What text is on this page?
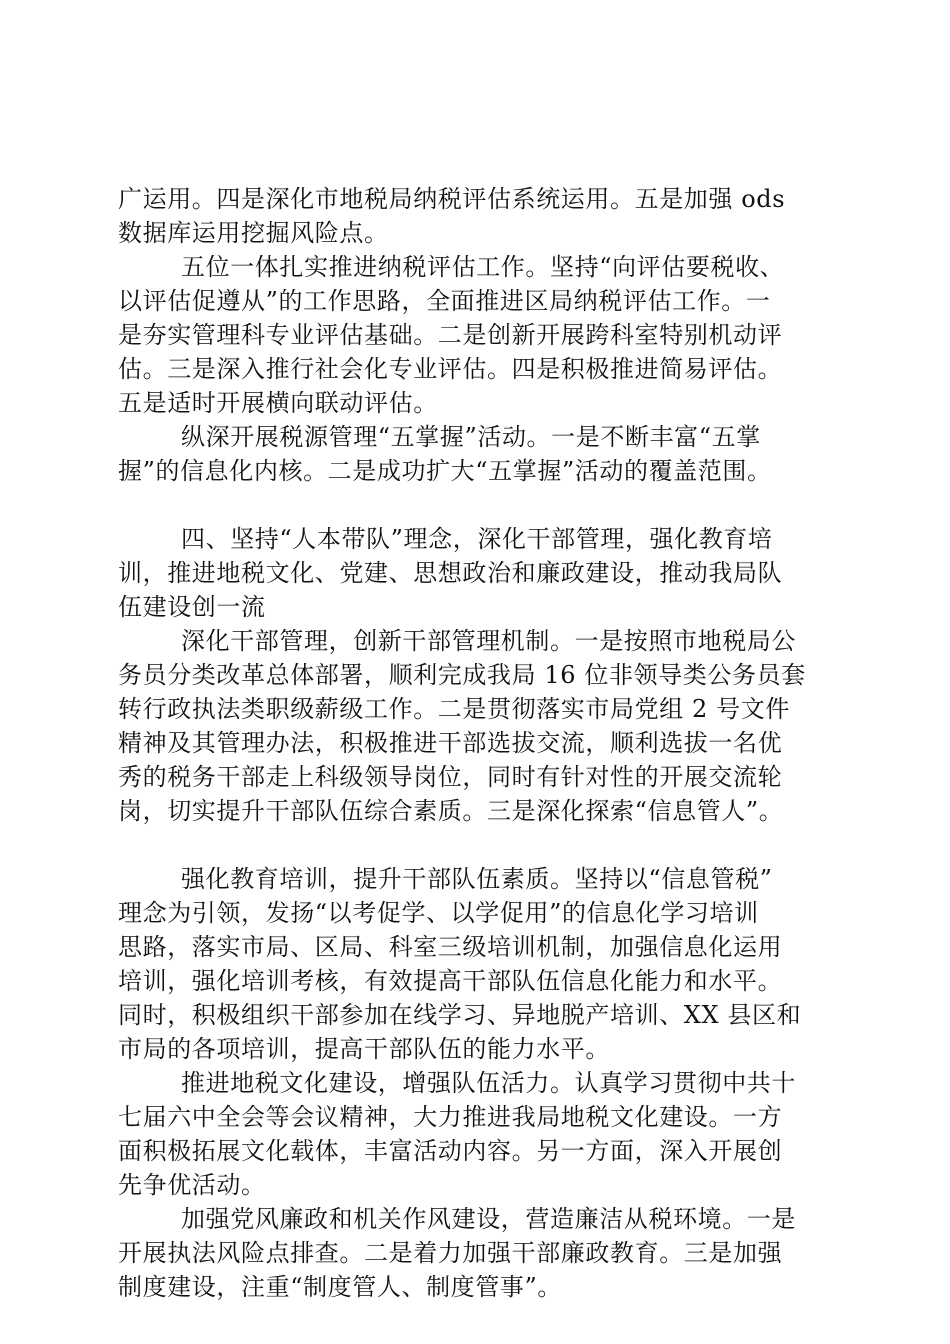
广运用。四是深化市地税局纳税评估系统运用。五是加强 ods
数据库运用挖掘风险点。
五位一体扎实推进纳税评估工作。坚持“向评估要税收、
以评估促遵从”的工作思路，全面推进区局纳税评估工作。一
是夯实管理科专业评估基础。二是创新开展跨科室特别机动评
估。三是深入推行社会化专业评估。四是积极推进简易评估。
五是适时开展横向联动评估。
纵深开展税源管理“五掌握”活动。一是不断丰富“五掌
握”的信息化内核。二是成功扩大“五掌握”活动的覆盖范围。
四、坚持“人本带队”理念，深化干部管理，强化教育培
训，推进地税文化、党建、思想政治和廉政建设，推动我局队
伍建设创一流
深化干部管理，创新干部管理机制。一是按照市地税局公
务员分类改革总体部署，顺利完成我局 16 位非领导类公务员套
转行政执法类职级薪级工作。二是贯彻落实市局党组 2 号文件
精神及其管理办法，积极推进干部选拔交流，顺利选拔一名优
秀的税务干部走上科级领导岗位，同时有针对性的开展交流轮
岗，切实提升干部队伍综合素质。三是深化探索“信息管人”。
强化教育培训，提升干部队伍素质。坚持以“信息管税”
理念为引领，发扬“以考促学、以学促用”的信息化学习培训
思路，落实市局、区局、科室三级培训机制，加强信息化运用
培训，强化培训考核，有效提高干部队伍信息化能力和水平。
同时，积极组织干部参加在线学习、异地脱产培训、XX 县区和
市局的各项培训，提高干部队伍的能力水平。
推进地税文化建设，增强队伍活力。认真学习贯彻中共十
七届六中全会等会议精神，大力推进我局地税文化建设。一方
面积极拓展文化载体，丰富活动内容。另一方面，深入开展创
先争优活动。
加强党风廉政和机关作风建设，营造廉洁从税环境。一是
开展执法风险点排查。二是着力加强干部廉政教育。三是加强
制度建设，注重“制度管人、制度管事”。
